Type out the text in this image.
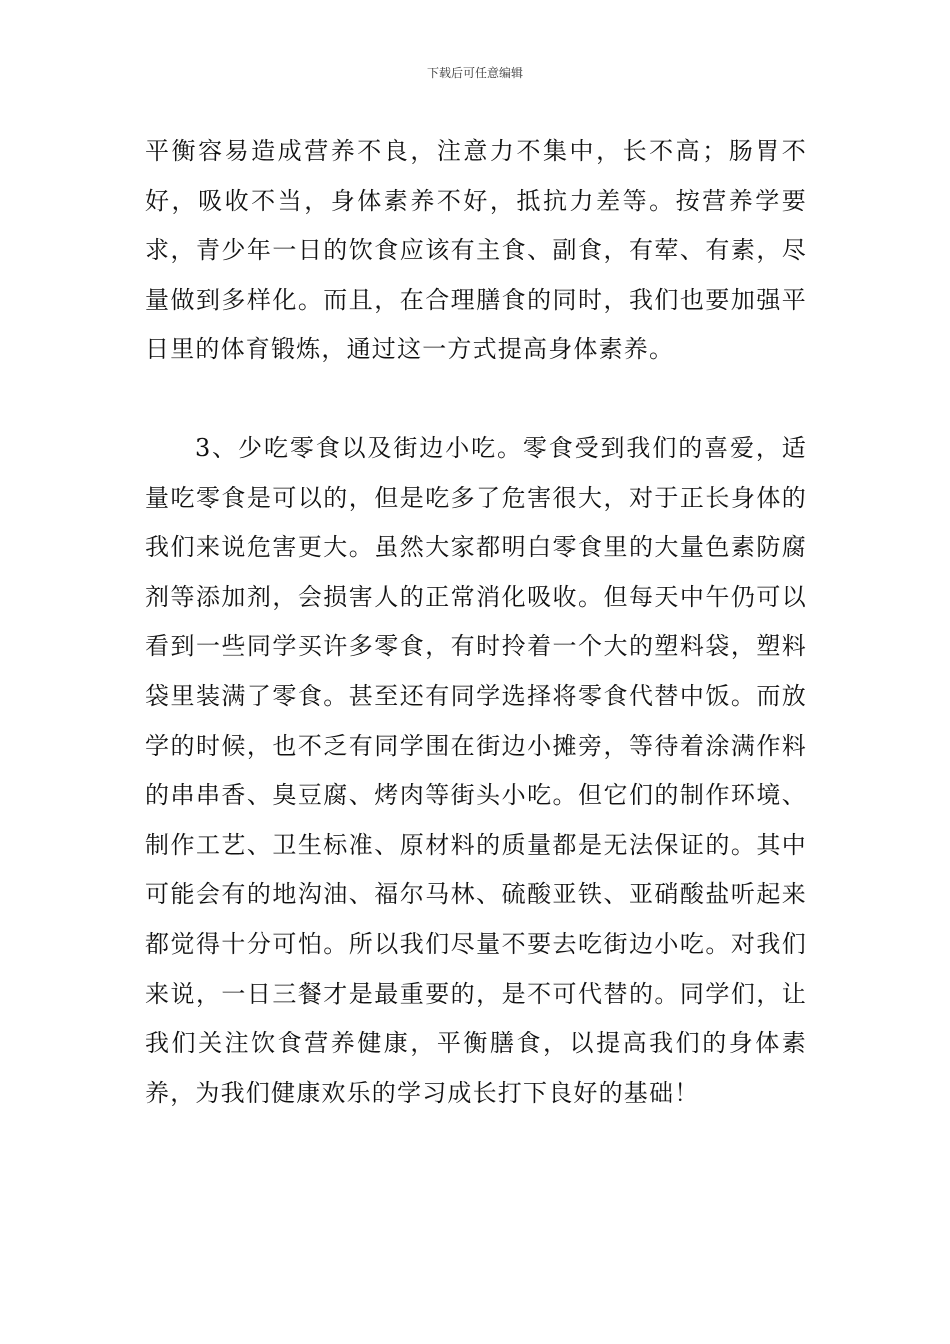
下载后可任意编辑

平衡容易造成营养不良，注意力不集中，长不高；肠胃不好，吸收不当，身体素养不好，抵抗力差等。按营养学要求，青少年一日的饮食应该有主食、副食，有荤、有素，尽量做到多样化。而且，在合理膳食的同时，我们也要加强平日里的体育锻炼，通过这一方式提高身体素养。

3、少吃零食以及街边小吃。零食受到我们的喜爱，适量吃零食是可以的，但是吃多了危害很大，对于正长身体的我们来说危害更大。虽然大家都明白零食里的大量色素防腐剂等添加剂，会损害人的正常消化吸收。但每天中午仍可以看到一些同学买许多零食，有时拎着一个大的塑料袋，塑料袋里装满了零食。甚至还有同学选择将零食代替中饭。而放学的时候，也不乏有同学围在街边小摊旁，等待着涂满作料的串串香、臭豆腐、烤肉等街头小吃。但它们的制作环境、制作工艺、卫生标准、原材料的质量都是无法保证的。其中可能会有的地沟油、福尔马林、硫酸亚铁、亚硝酸盐听起来都觉得十分可怕。所以我们尽量不要去吃街边小吃。对我们来说，一日三餐才是最重要的，是不可代替的。同学们，让我们关注饮食营养健康，平衡膳食，以提高我们的身体素养，为我们健康欢乐的学习成长打下良好的基础！
